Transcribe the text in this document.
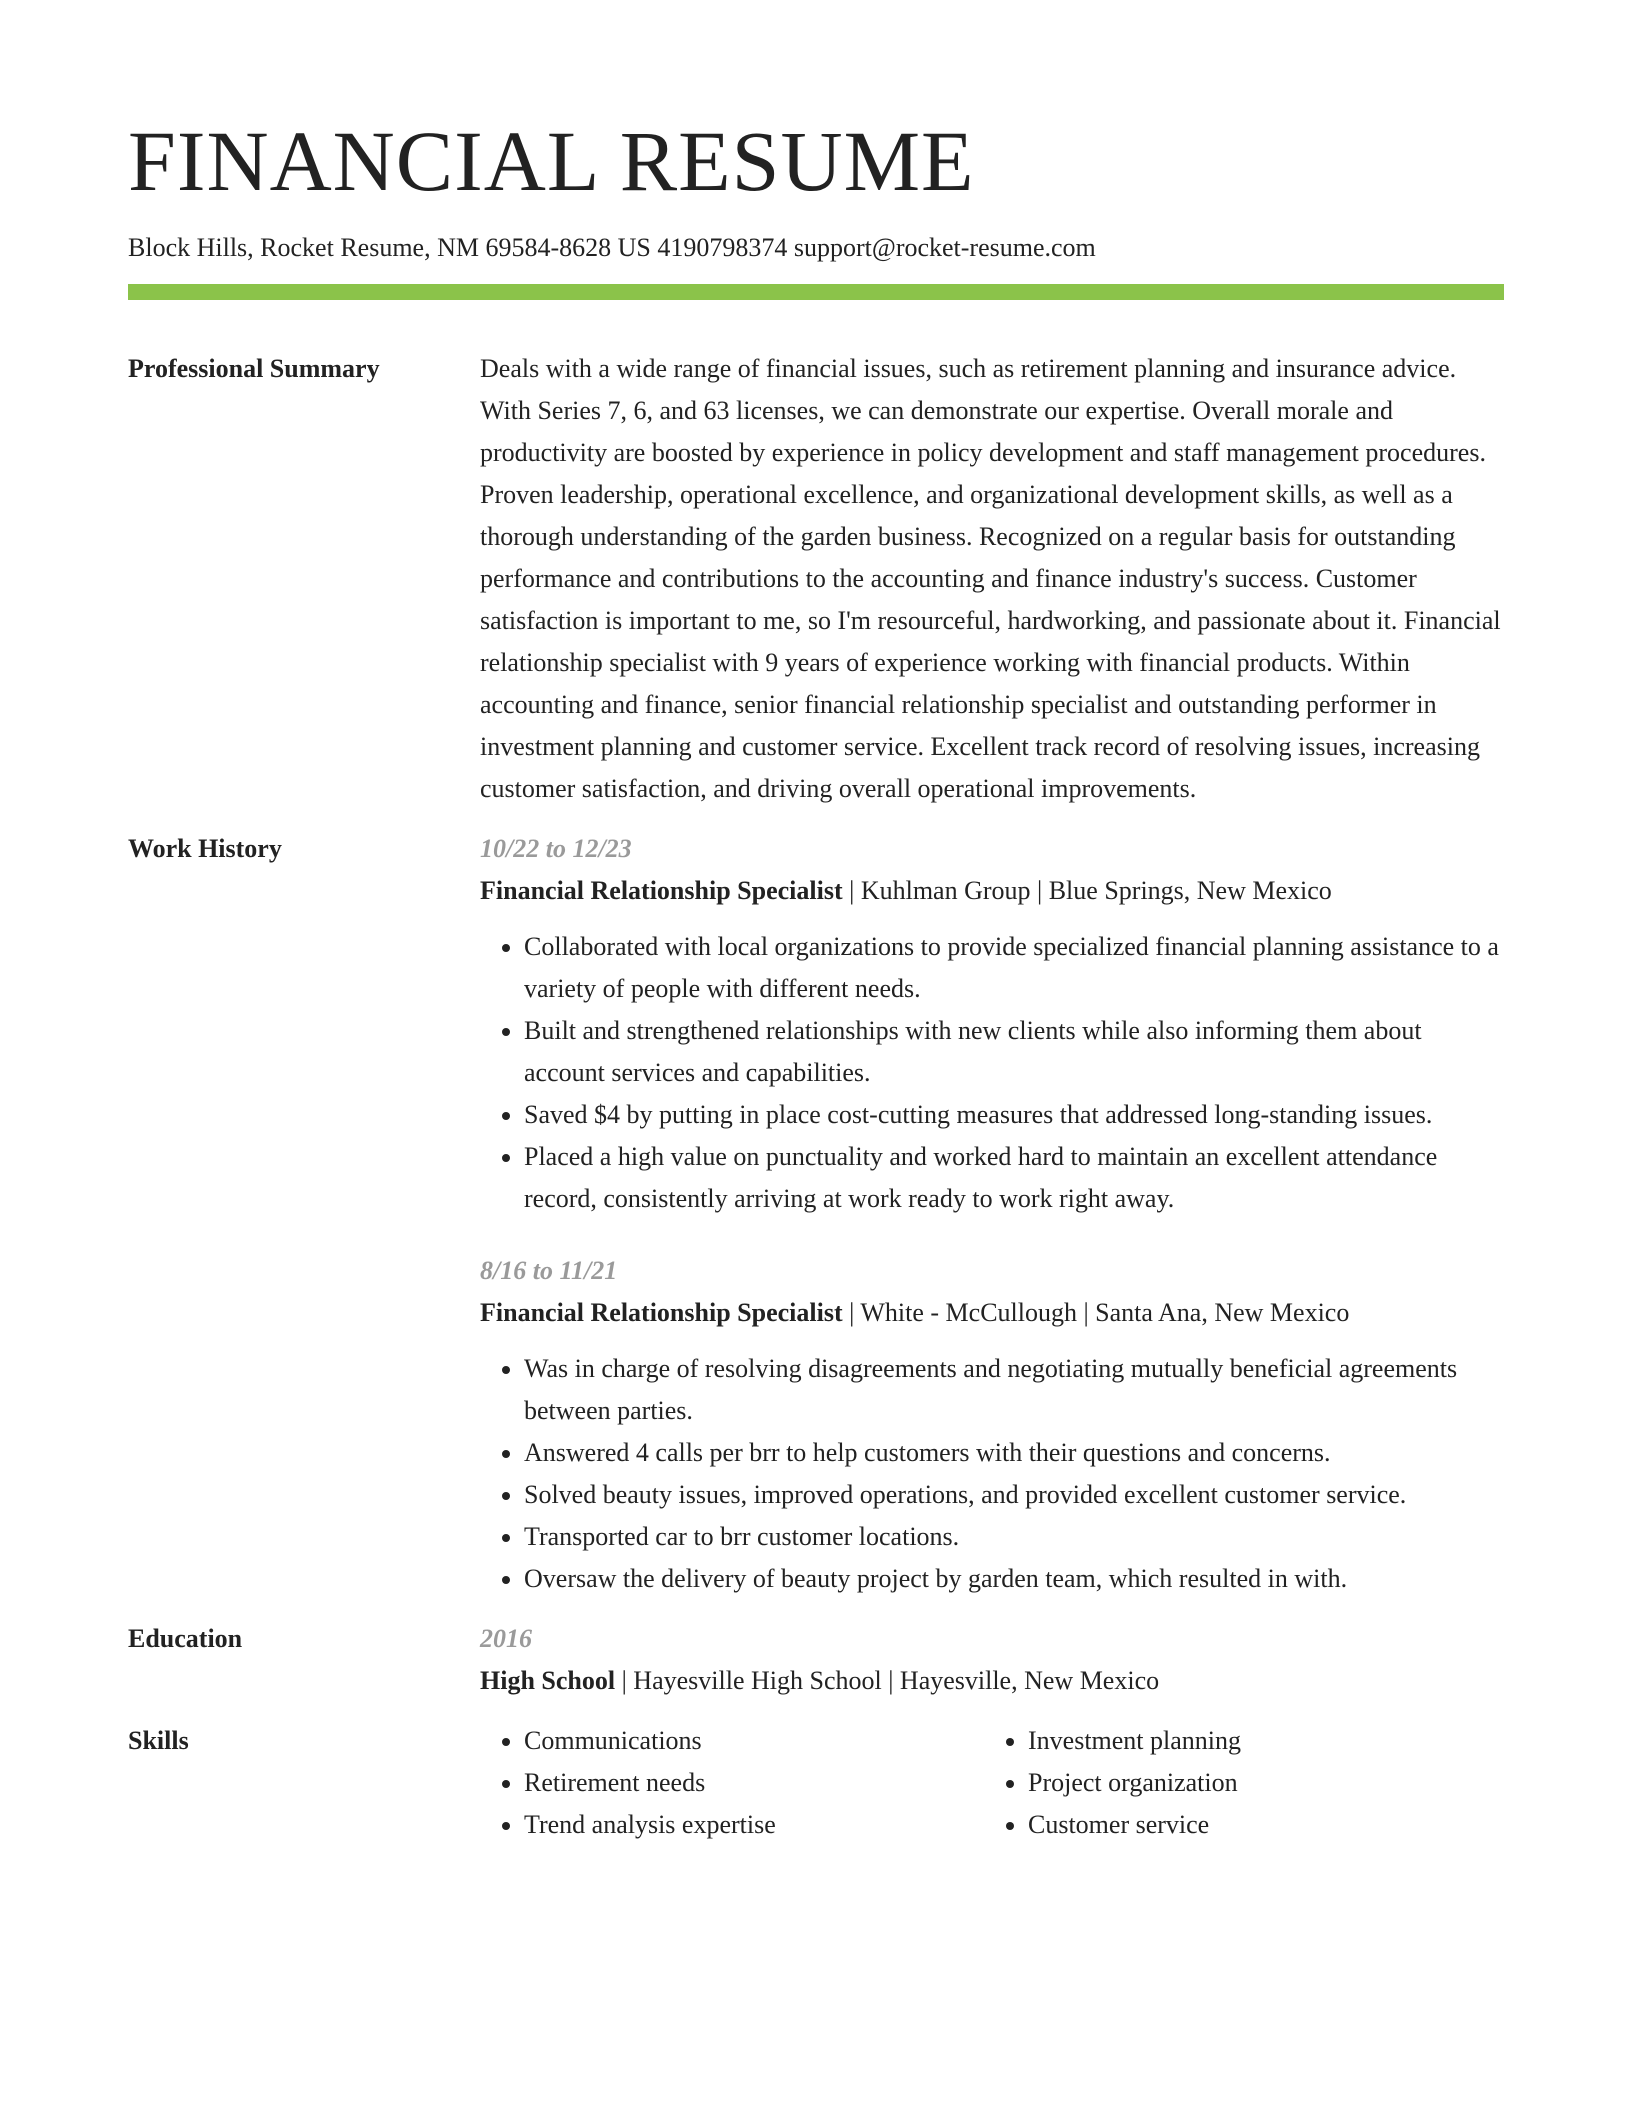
FINANCIAL RESUME
Block Hills, Rocket Resume, NM 69584-8628 US 4190798374 support@rocket-resume.com
Professional Summary	Deals with a wide range of financial issues, such as retirement planning and insurance advice. With Series 7, 6, and 63 licenses, we can demonstrate our expertise. Overall morale and productivity are boosted by experience in policy development and staff management procedures. Proven leadership, operational excellence, and organizational development skills, as well as a thorough understanding of the garden business. Recognized on a regular basis for outstanding performance and contributions to the accounting and finance industry's success. Customer satisfaction is important to me, so I'm resourceful, hardworking, and passionate about it. Financial relationship specialist with 9 years of experience working with financial products. Within accounting and finance, senior financial relationship specialist and outstanding performer in investment planning and customer service. Excellent track record of resolving issues, increasing customer satisfaction, and driving overall operational improvements.
Work History	10/22 to 12/23
Financial Relationship Specialist | Kuhlman Group | Blue Springs, New Mexico
• Collaborated with local organizations to provide specialized financial planning assistance to a variety of people with different needs.
• Built and strengthened relationships with new clients while also informing them about account services and capabilities.
• Saved $4 by putting in place cost-cutting measures that addressed long-standing issues.
• Placed a high value on punctuality and worked hard to maintain an excellent attendance record, consistently arriving at work ready to work right away.
8/16 to 11/21
Financial Relationship Specialist | White - McCullough | Santa Ana, New Mexico
• Was in charge of resolving disagreements and negotiating mutually beneficial agreements between parties.
• Answered 4 calls per brr to help customers with their questions and concerns.
• Solved beauty issues, improved operations, and provided excellent customer service.
• Transported car to brr customer locations.
• Oversaw the delivery of beauty project by garden team, which resulted in with.
Education	2016
High School | Hayesville High School | Hayesville, New Mexico
Skills
•	Communications
• Retirement needs
• Trend analysis expertise
• Investment planning
• Project organization
• Customer service
